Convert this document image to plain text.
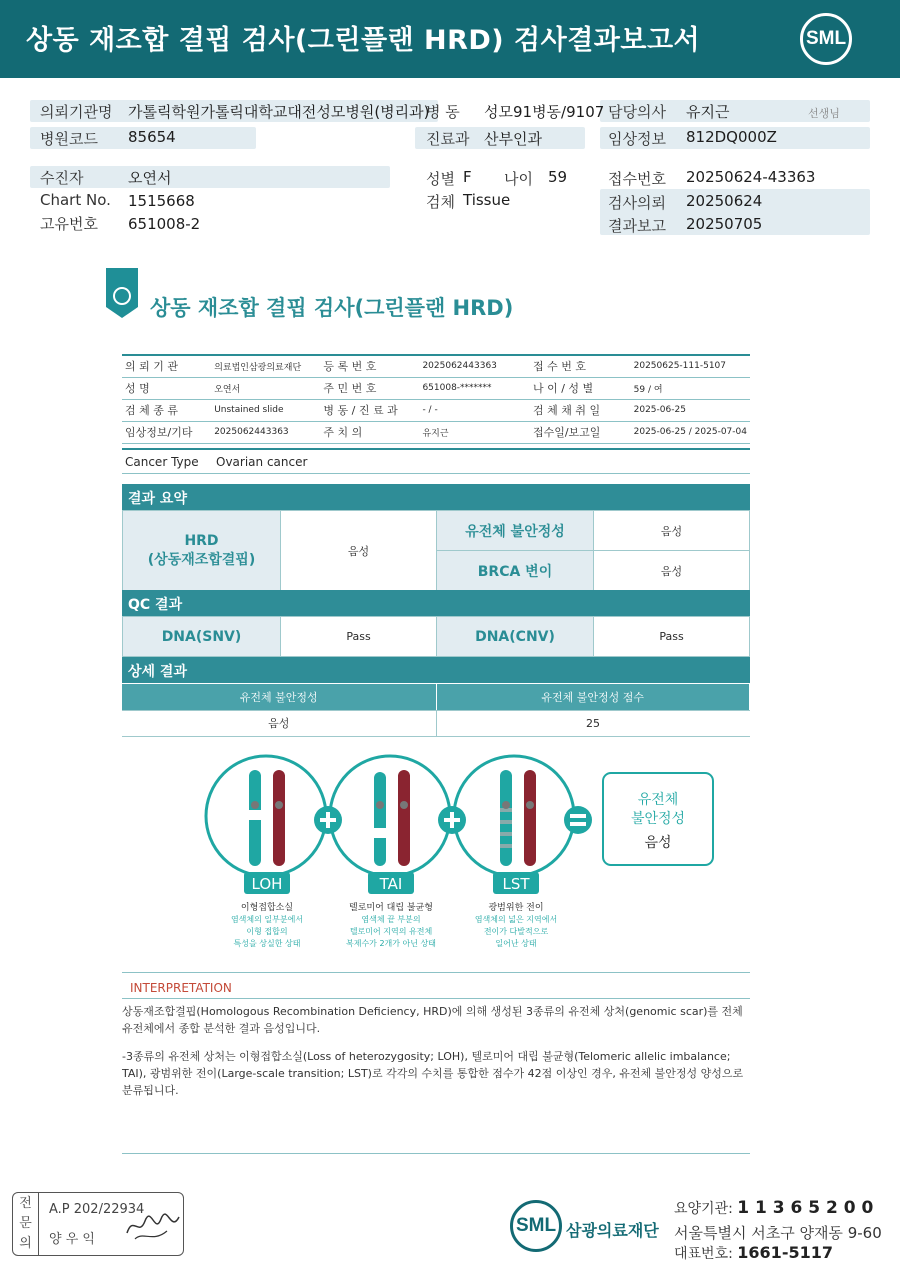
상동 재조합 결핍 검사(그린플랜 HRD) 검사결과보고서	SML
의뢰기관명 가톨릭학원가톨릭대학교대전성모병원(병리과)
병 동 성모91병동/9107 담당의사 유지근	선생님
병원코드 85654	진료과 산부인과	임상정보 812DQ000Z
수진자	오연서	성별 F 나이 59	접수번호 20250624-43363
Chart No. 1515668	검체 Tissue	검사의뢰 20250624
고유번호 651008-2	결과보고 20250705
상동 재조합 결핍 검사(그린플랜 HRD)
의 뢰 기 관	의료법인삼광의료재단	등 록 번 호	2025062443363	접 수 번 호	20250625-111-5107
성 명	오연서	주 민 번 호	651008-*******	나 이 / 성 별	59 / 여
검 체 종 류	Unstained slide	병 동 / 진 료 과	- / -	검 체 채 취 일	2025-06-25
임상정보/기타	2025062443363	주 치 의	유지근	접수일/보고일	2025-06-25 / 2025-07-04
Cancer Type Ovarian cancer
결과 요약
HRD
(상동재조합결핍)	음성	유전체 불안정성	음성
		BRCA 변이	음성
QC 결과
DNA(SNV)	Pass	DNA(CNV)	Pass
상세 결과
유전체 불안정성	유전체 불안정성 점수
음성	25
유전체
불안정성
음성
LOH	TAI	LST
이형접합소실	텔로미어 대립 불균형	광범위한 전이
염색체의 일부분에서
이형 접합의
특성을 상실한 상태
염색체 끝 부분의
텔로미어 지역의 유전체
복제수가 2개가 아닌 상태
염색체의 넓은 지역에서
전이가 다발적으로
일어난 상태
INTERPRETATION
상동재조합결핍(Homologous Recombination Deficiency, HRD)에 의해 생성된 3종류의 유전체 상처(genomic scar)를 전체 유전체에서 종합 분석한 결과 음성입니다.
-3종류의 유전체 상처는 이형접합소실(Loss of heterozygosity; LOH), 텔로미어 대립 불균형(Telomeric allelic imbalance; TAI), 광범위한 전이(Large-scale transition; LST)로 각각의 수치를 통합한 점수가 42점 이상인 경우, 유전체 불안정성 양성으로 분류됩니다.
전
문
의
A.P 202/22934
양 우 익
SML 삼광의료재단
요양기관: 1 1 3 6 5 2 0 0
서울특별시 서초구 양재동 9-60
대표번호: 1661-5117
